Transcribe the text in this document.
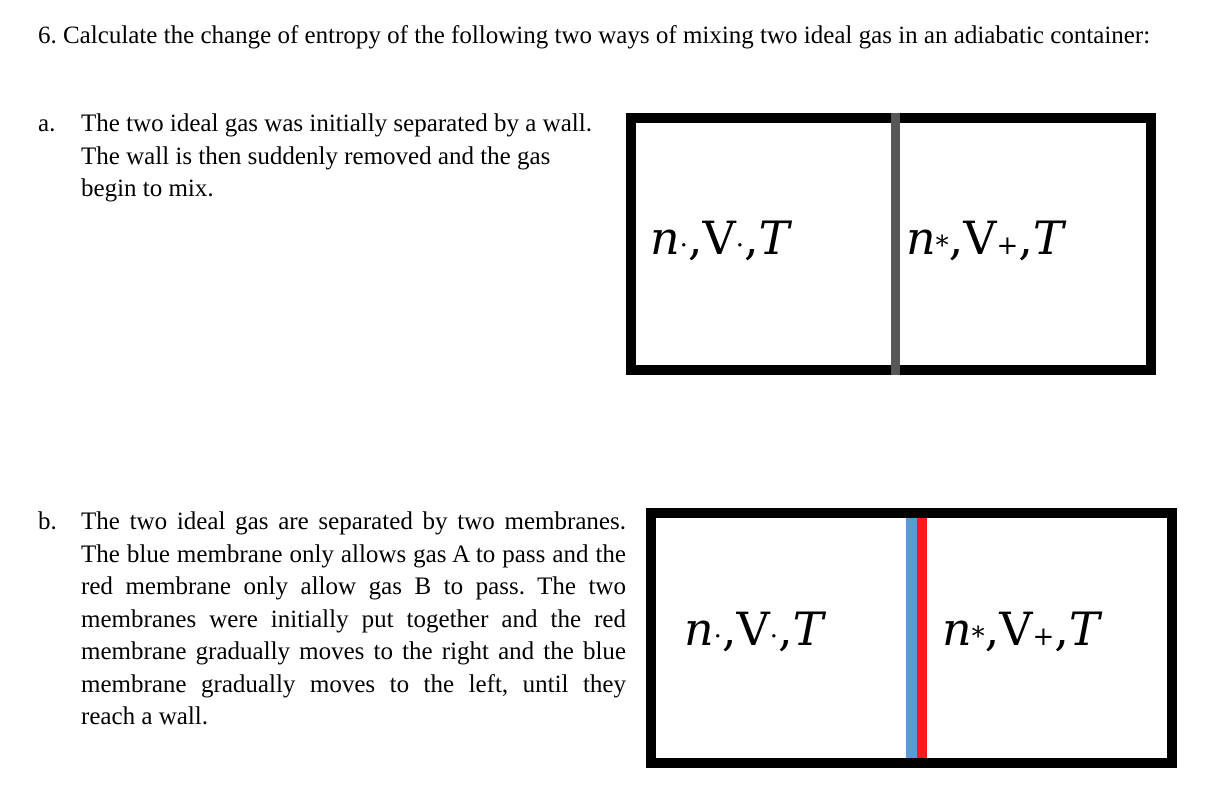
6. Calculate the change of entropy of the following two ways of mixing two ideal gas in an adiabatic container:
a. The two ideal gas was initially separated by a wall. The wall is then suddenly removed and the gas begin to mix.
n·,V·,T	n*,V+,T
b. The two ideal gas are separated by two membranes. The blue membrane only allows gas A to pass and the red membrane only allow gas B to pass. The two membranes were initially put together and the red membrane gradually moves to the right and the blue membrane gradually moves to the left, until they reach a wall.
n·,V·,T	n*,V+,T
